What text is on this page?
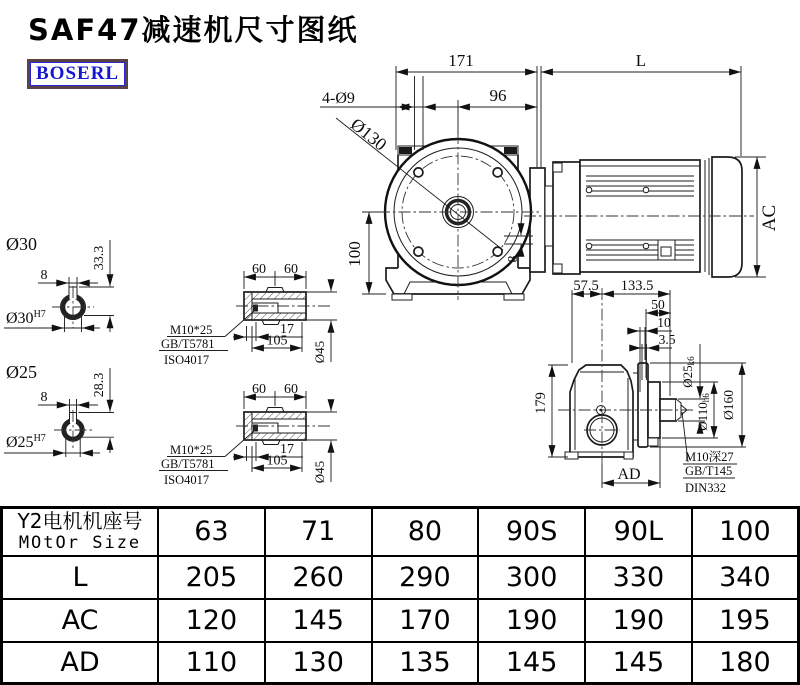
SAF47减速机尺寸图纸
BOSERL
171	L
96
4-Ø9
Ø130
100
AC
8
Ø30
8
33.3
$Ø30^{H7}$
Ø25
8
28.3
$Ø25^{H7}$
60 60
17
105 Ø45
M10*25
GB/T5781
ISO4017
60 60
17
105 Ø45
M10*25
GB/T5781
ISO4017
57.5 133.5
50
10
3.5
Ø25k6
Ø110h6 Ø160
179
AD
M10深27
GB/T145
DIN332
Y2电机机座号
MOtOr Size	63	71	80	90S	90L	100
L	205	260	290	300	330	340
AC	120	145	170	190	190	195
AD	110	130	135	145	145	180
